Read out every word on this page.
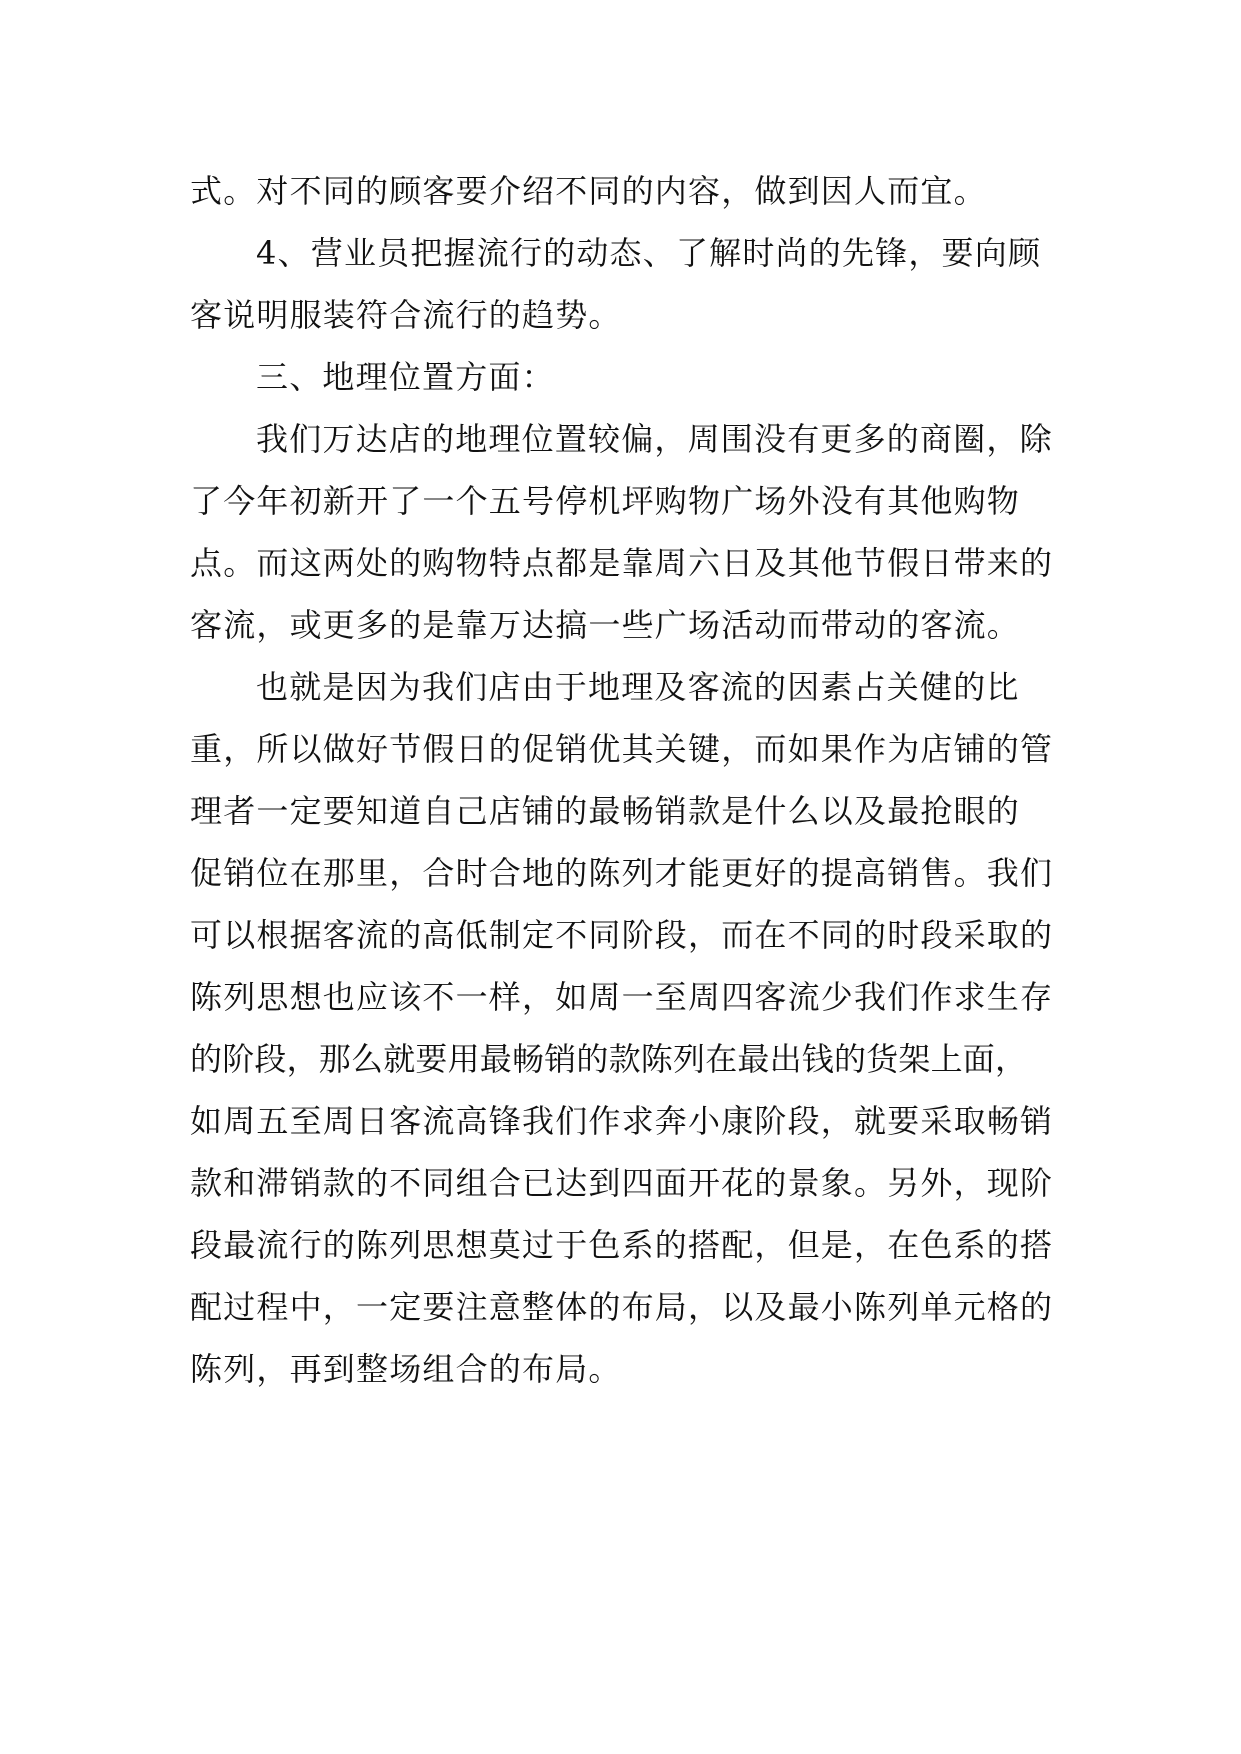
式。对不同的顾客要介绍不同的内容，做到因人而宜。

4、营业员把握流行的动态、了解时尚的先锋，要向顾

客说明服装符合流行的趋势。

三、地理位置方面：

我们万达店的地理位置较偏，周围没有更多的商圈，除

了今年初新开了一个五号停机坪购物广场外没有其他购物

点。而这两处的购物特点都是靠周六日及其他节假日带来的

客流，或更多的是靠万达搞一些广场活动而带动的客流。

也就是因为我们店由于地理及客流的因素占关健的比

重，所以做好节假日的促销优其关键，而如果作为店铺的管

理者一定要知道自己店铺的最畅销款是什么以及最抢眼的

促销位在那里，合时合地的陈列才能更好的提高销售。我们

可以根据客流的高低制定不同阶段，而在不同的时段采取的

陈列思想也应该不一样，如周一至周四客流少我们作求生存

的阶段，那么就要用最畅销的款陈列在最出钱的货架上面，

如周五至周日客流高锋我们作求奔小康阶段，就要采取畅销

款和滞销款的不同组合已达到四面开花的景象。另外，现阶

段最流行的陈列思想莫过于色系的搭配，但是，在色系的搭

配过程中，一定要注意整体的布局，以及最小陈列单元格的

陈列，再到整场组合的布局。
